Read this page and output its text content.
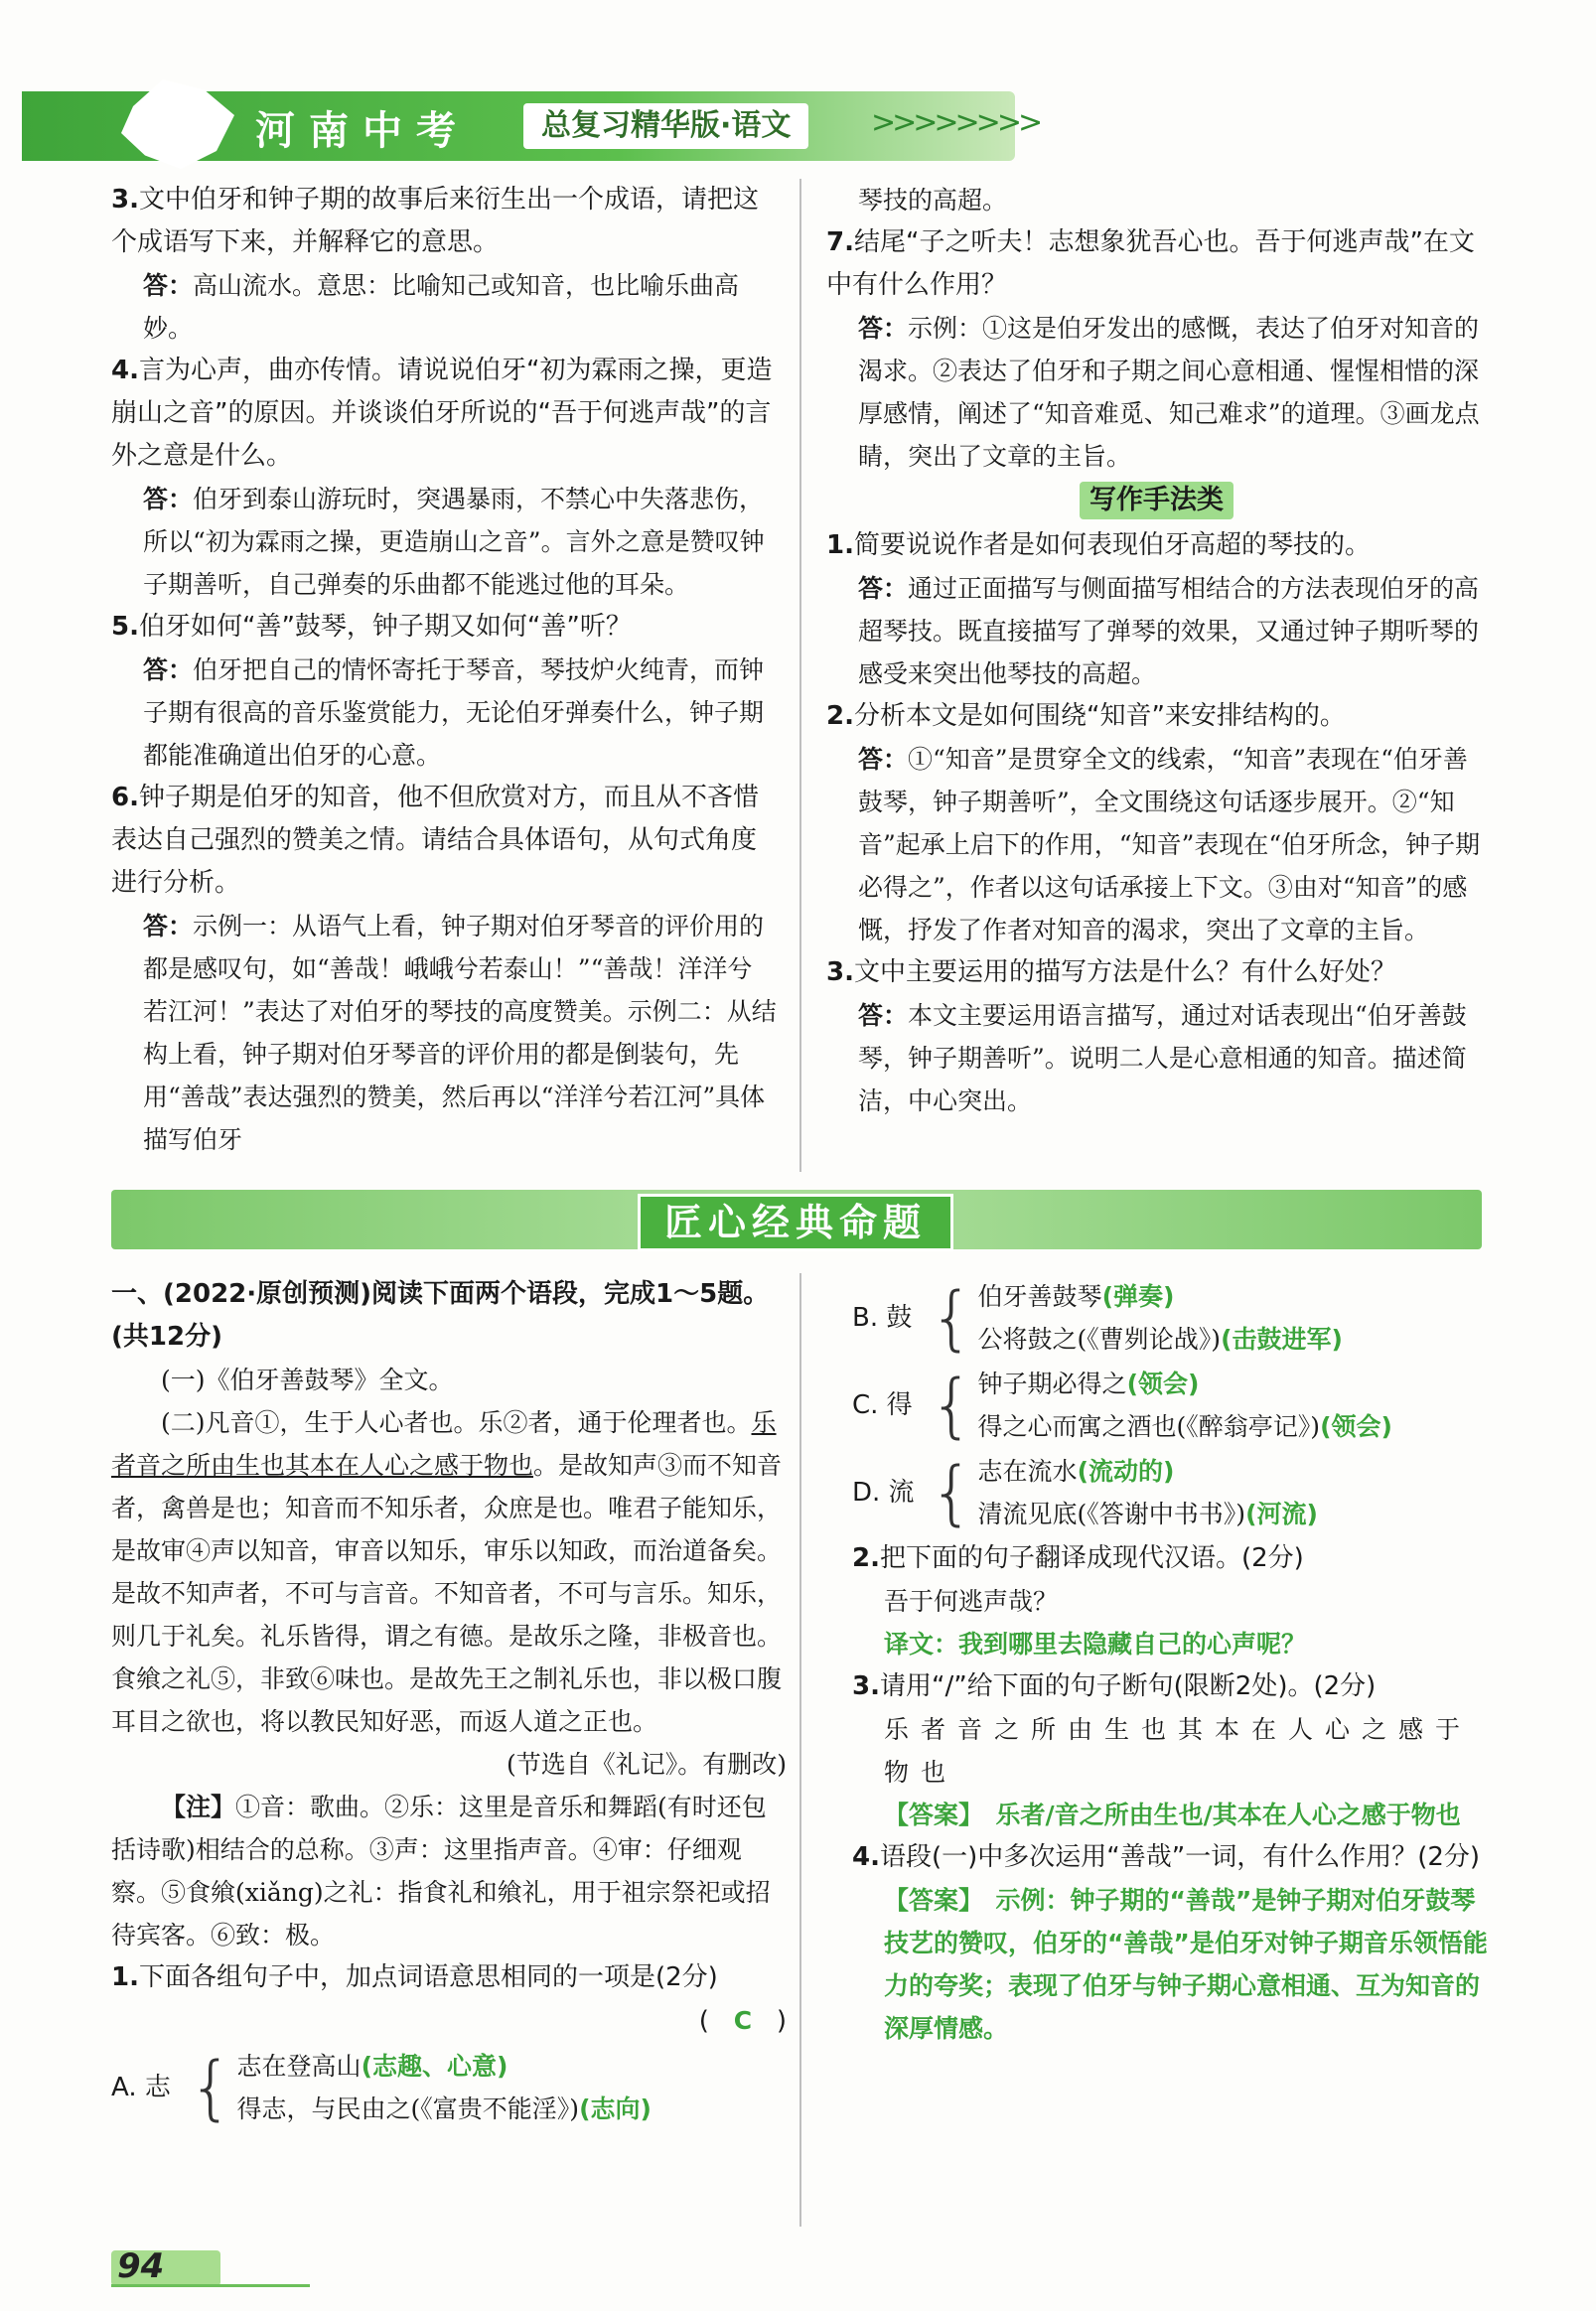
河南中考	总复习精华版·语文	>>>>>>>>
3.文中伯牙和钟子期的故事后来衍生出一个成语，请把这个成语写下来，并解释它的意思。
答：高山流水。意思：比喻知己或知音，也比喻乐曲高妙。
4.言为心声，曲亦传情。请说说伯牙“初为霖雨之操，更造崩山之音”的原因。并谈谈伯牙所说的“吾于何逃声哉”的言外之意是什么。
答：伯牙到泰山游玩时，突遇暴雨，不禁心中失落悲伤，所以“初为霖雨之操，更造崩山之音”。言外之意是赞叹钟子期善听，自己弹奏的乐曲都不能逃过他的耳朵。
5.伯牙如何“善”鼓琴，钟子期又如何“善”听？
答：伯牙把自己的情怀寄托于琴音，琴技炉火纯青，而钟子期有很高的音乐鉴赏能力，无论伯牙弹奏什么，钟子期都能准确道出伯牙的心意。
6.钟子期是伯牙的知音，他不但欣赏对方，而且从不吝惜表达自己强烈的赞美之情。请结合具体语句，从句式角度进行分析。
答：示例一：从语气上看，钟子期对伯牙琴音的评价用的都是感叹句，如“善哉！峨峨兮若泰山！”“善哉！洋洋兮若江河！”表达了对伯牙的琴技的高度赞美。示例二：从结构上看，钟子期对伯牙琴音的评价用的都是倒装句，先用“善哉”表达强烈的赞美，然后再以“洋洋兮若江河”具体描写伯牙
琴技的高超。
7.结尾“子之听夫！志想象犹吾心也。吾于何逃声哉”在文中有什么作用？
答：示例：①这是伯牙发出的感慨，表达了伯牙对知音的渴求。②表达了伯牙和子期之间心意相通、惺惺相惜的深厚感情，阐述了“知音难觅、知己难求”的道理。③画龙点睛，突出了文章的主旨。
写作手法类
1.简要说说作者是如何表现伯牙高超的琴技的。
答：通过正面描写与侧面描写相结合的方法表现伯牙的高超琴技。既直接描写了弹琴的效果，又通过钟子期听琴的感受来突出他琴技的高超。
2.分析本文是如何围绕“知音”来安排结构的。
答：①“知音”是贯穿全文的线索，“知音”表现在“伯牙善鼓琴，钟子期善听”，全文围绕这句话逐步展开。②“知音”起承上启下的作用，“知音”表现在“伯牙所念，钟子期必得之”，作者以这句话承接上下文。③由对“知音”的感慨，抒发了作者对知音的渴求，突出了文章的主旨。
3.文中主要运用的描写方法是什么？有什么好处？
答：本文主要运用语言描写，通过对话表现出“伯牙善鼓琴，钟子期善听”。说明二人是心意相通的知音。描述简洁，中心突出。
匠心经典命题
一、(2022·原创预测)阅读下面两个语段，完成1～5题。(共12分)
(一)《伯牙善鼓琴》全文。
(二)凡音①，生于人心者也。乐②者，通于伦理者也。乐者音之所由生也其本在人心之感于物也。是故知声③而不知音者，禽兽是也；知音而不知乐者，众庶是也。唯君子能知乐，是故审④声以知音，审音以知乐，审乐以知政，而治道备矣。是故不知声者，不可与言音。不知音者，不可与言乐。知乐，则几于礼矣。礼乐皆得，谓之有德。是故乐之隆，非极音也。食飨之礼⑤，非致⑥味也。是故先王之制礼乐也，非以极口腹耳目之欲也，将以教民知好恶，而返人道之正也。
(节选自《礼记》。有删改)
【注】①音：歌曲。②乐：这里是音乐和舞蹈(有时还包括诗歌)相结合的总称。③声：这里指声音。④审：仔细观察。⑤食飨(xiǎng)之礼：指食礼和飨礼，用于祖宗祭祀或招待宾客。⑥致：极。
1.下面各组句子中，加点词语意思相同的一项是(2分)
( C )
A. 志 { 志在登高山(志趣、心意)
得志，与民由之(《富贵不能淫》)(志向)
B. 鼓 { 伯牙善鼓琴(弹奏)
公将鼓之(《曹刿论战》)(击鼓进军)
C. 得 { 钟子期必得之(领会)
得之心而寓之酒也(《醉翁亭记》)(领会)
D. 流 { 志在流水(流动的)
清流见底(《答谢中书书》)(河流)
2.把下面的句子翻译成现代汉语。(2分)
吾于何逃声哉？
译文：我到哪里去隐藏自己的心声呢？
3.请用“/”给下面的句子断句(限断2处)。(2分)
乐者音之所由生也其本在人心之感于物也
【答案】　乐者/音之所由生也/其本在人心之感于物也
4.语段(一)中多次运用“善哉”一词，有什么作用？(2分)
【答案】　示例：钟子期的“善哉”是钟子期对伯牙鼓琴技艺的赞叹，伯牙的“善哉”是伯牙对钟子期音乐领悟能力的夸奖；表现了伯牙与钟子期心意相通、互为知音的深厚情感。
94
